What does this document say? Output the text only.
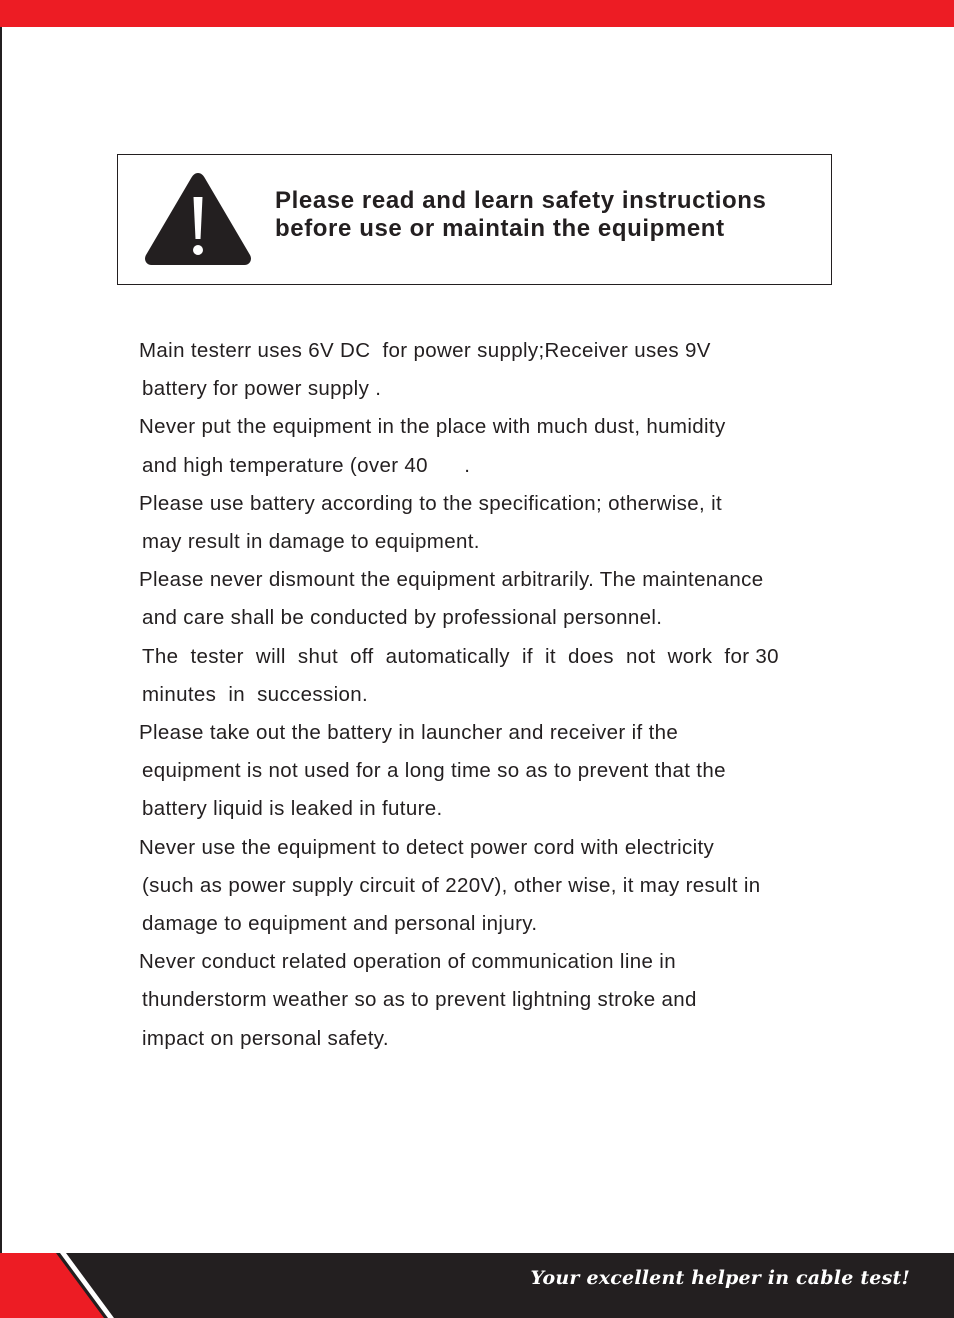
Please read and learn safety instructions
before use or maintain the equipment

Main testerr uses 6V DC  for power supply;Receiver uses 9V
battery for power supply .
Never put the equipment in the place with much dust, humidity
and high temperature (over 40      .
Please use battery according to the specification; otherwise, it
may result in damage to equipment.
Please never dismount the equipment arbitrarily. The maintenance
and care shall be conducted by professional personnel.
The  tester  will  shut  off  automatically  if  it  does  not  work  for 30
minutes  in  succession.
Please take out the battery in launcher and receiver if the
equipment is not used for a long time so as to prevent that the
battery liquid is leaked in future.
Never use the equipment to detect power cord with electricity
(such as power supply circuit of 220V), other wise, it may result in
damage to equipment and personal injury.
Never conduct related operation of communication line in
thunderstorm weather so as to prevent lightning stroke and
impact on personal safety.
Your excellent helper in cable test!
